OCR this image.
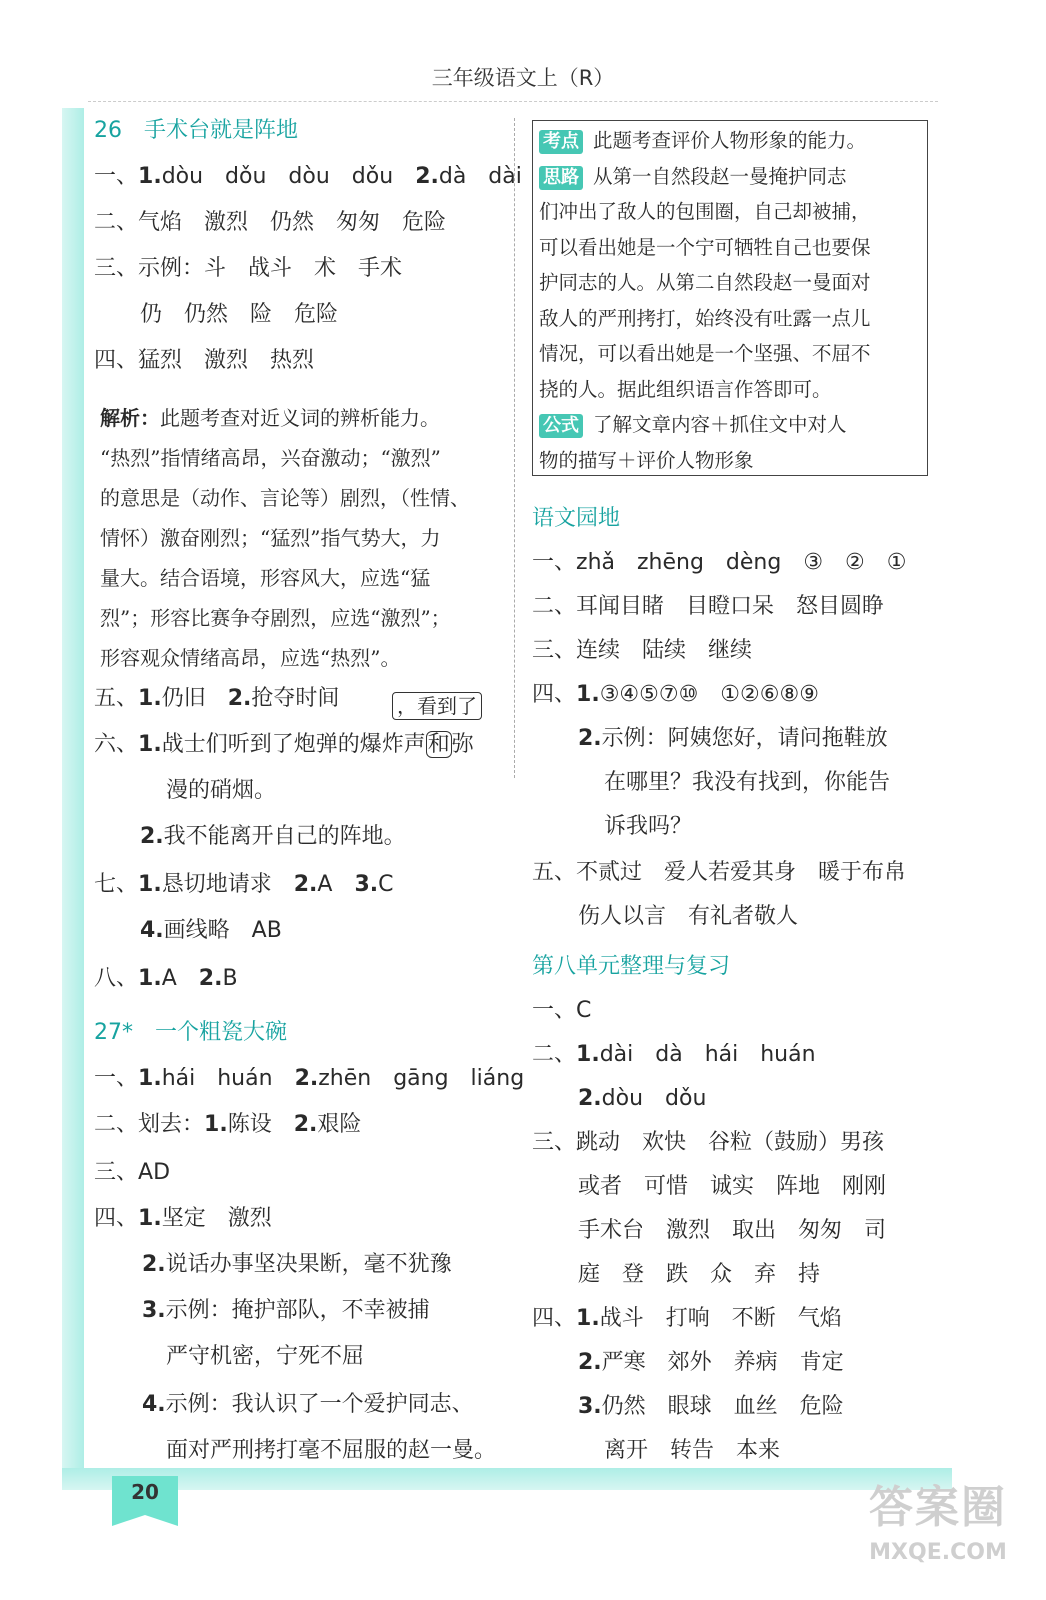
三年级语文上（R）
26　手术台就是阵地
一、1.dòu　dǒu　dòu　dǒu　 2.dà　dài
二、气焰　激烈　仍然　匆匆　危险
三、示例：斗　战斗　术　手术
仍　仍然　险　危险
四、猛烈　激烈　热烈
解析：此题考查对近义词的辨析能力。
“热烈”指情绪高昂，兴奋激动；“激烈”
的意思是（动作、言论等）剧烈，（性情、
情怀）激奋刚烈；“猛烈”指气势大，力
量大。结合语境，形容风大，应选“猛
烈”；形容比赛争夺剧烈，应选“激烈”；
形容观众情绪高昂，应选“热烈”。
五、1.仍旧　 2.抢夺时间	，看到了
六、1.战士们听到了炮弹的爆炸声和弥
漫的硝烟。
2.我不能离开自己的阵地。
七、1.恳切地请求　 2.A　 3.C
4.画线略　AB
八、1.A　 2.B
27*　一个粗瓷大碗
一、1.hái　huán　 2.zhēn　gāng　liáng
二、划去：1.陈设　 2.艰险
三、AD
四、1.坚定　激烈
2.说话办事坚决果断，毫不犹豫
3.示例：掩护部队，不幸被捕
严守机密，宁死不屈
4.示例：我认识了一个爱护同志、
面对严刑拷打毫不屈服的赵一曼。
考点 此题考查评价人物形象的能力。
思路 从第一自然段赵一曼掩护同志
们冲出了敌人的包围圈，自己却被捕，
可以看出她是一个宁可牺牲自己也要保
护同志的人。从第二自然段赵一曼面对
敌人的严刑拷打，始终没有吐露一点儿
情况，可以看出她是一个坚强、不屈不
挠的人。据此组织语言作答即可。
公式 了解文章内容＋抓住文中对人
物的描写＋评价人物形象
语文园地
一、zhǎ　zhēng　dèng　③　②　①
二、耳闻目睹　目瞪口呆　怒目圆睁
三、连续　陆续　继续
四、1.③④⑤⑦⑩　①②⑥⑧⑨
2.示例：阿姨您好，请问拖鞋放
在哪里？我没有找到，你能告
诉我吗？
五、不贰过　爱人若爱其身　暖于布帛
伤人以言　有礼者敬人
第八单元整理与复习
一、C
二、1.dài　dà　hái　huán
2.dòu　dǒu
三、跳动　欢快　谷粒（鼓励）男孩
或者　可惜　诚实　阵地　刚刚
手术台　激烈　取出　匆匆　司
庭　登　跌　众　弃　持
四、1.战斗　打响　不断　气焰
2.严寒　郊外　养病　肯定
3.仍然　眼球　血丝　危险
离开　转告　本来
20	答案圈
MXQE.COM
